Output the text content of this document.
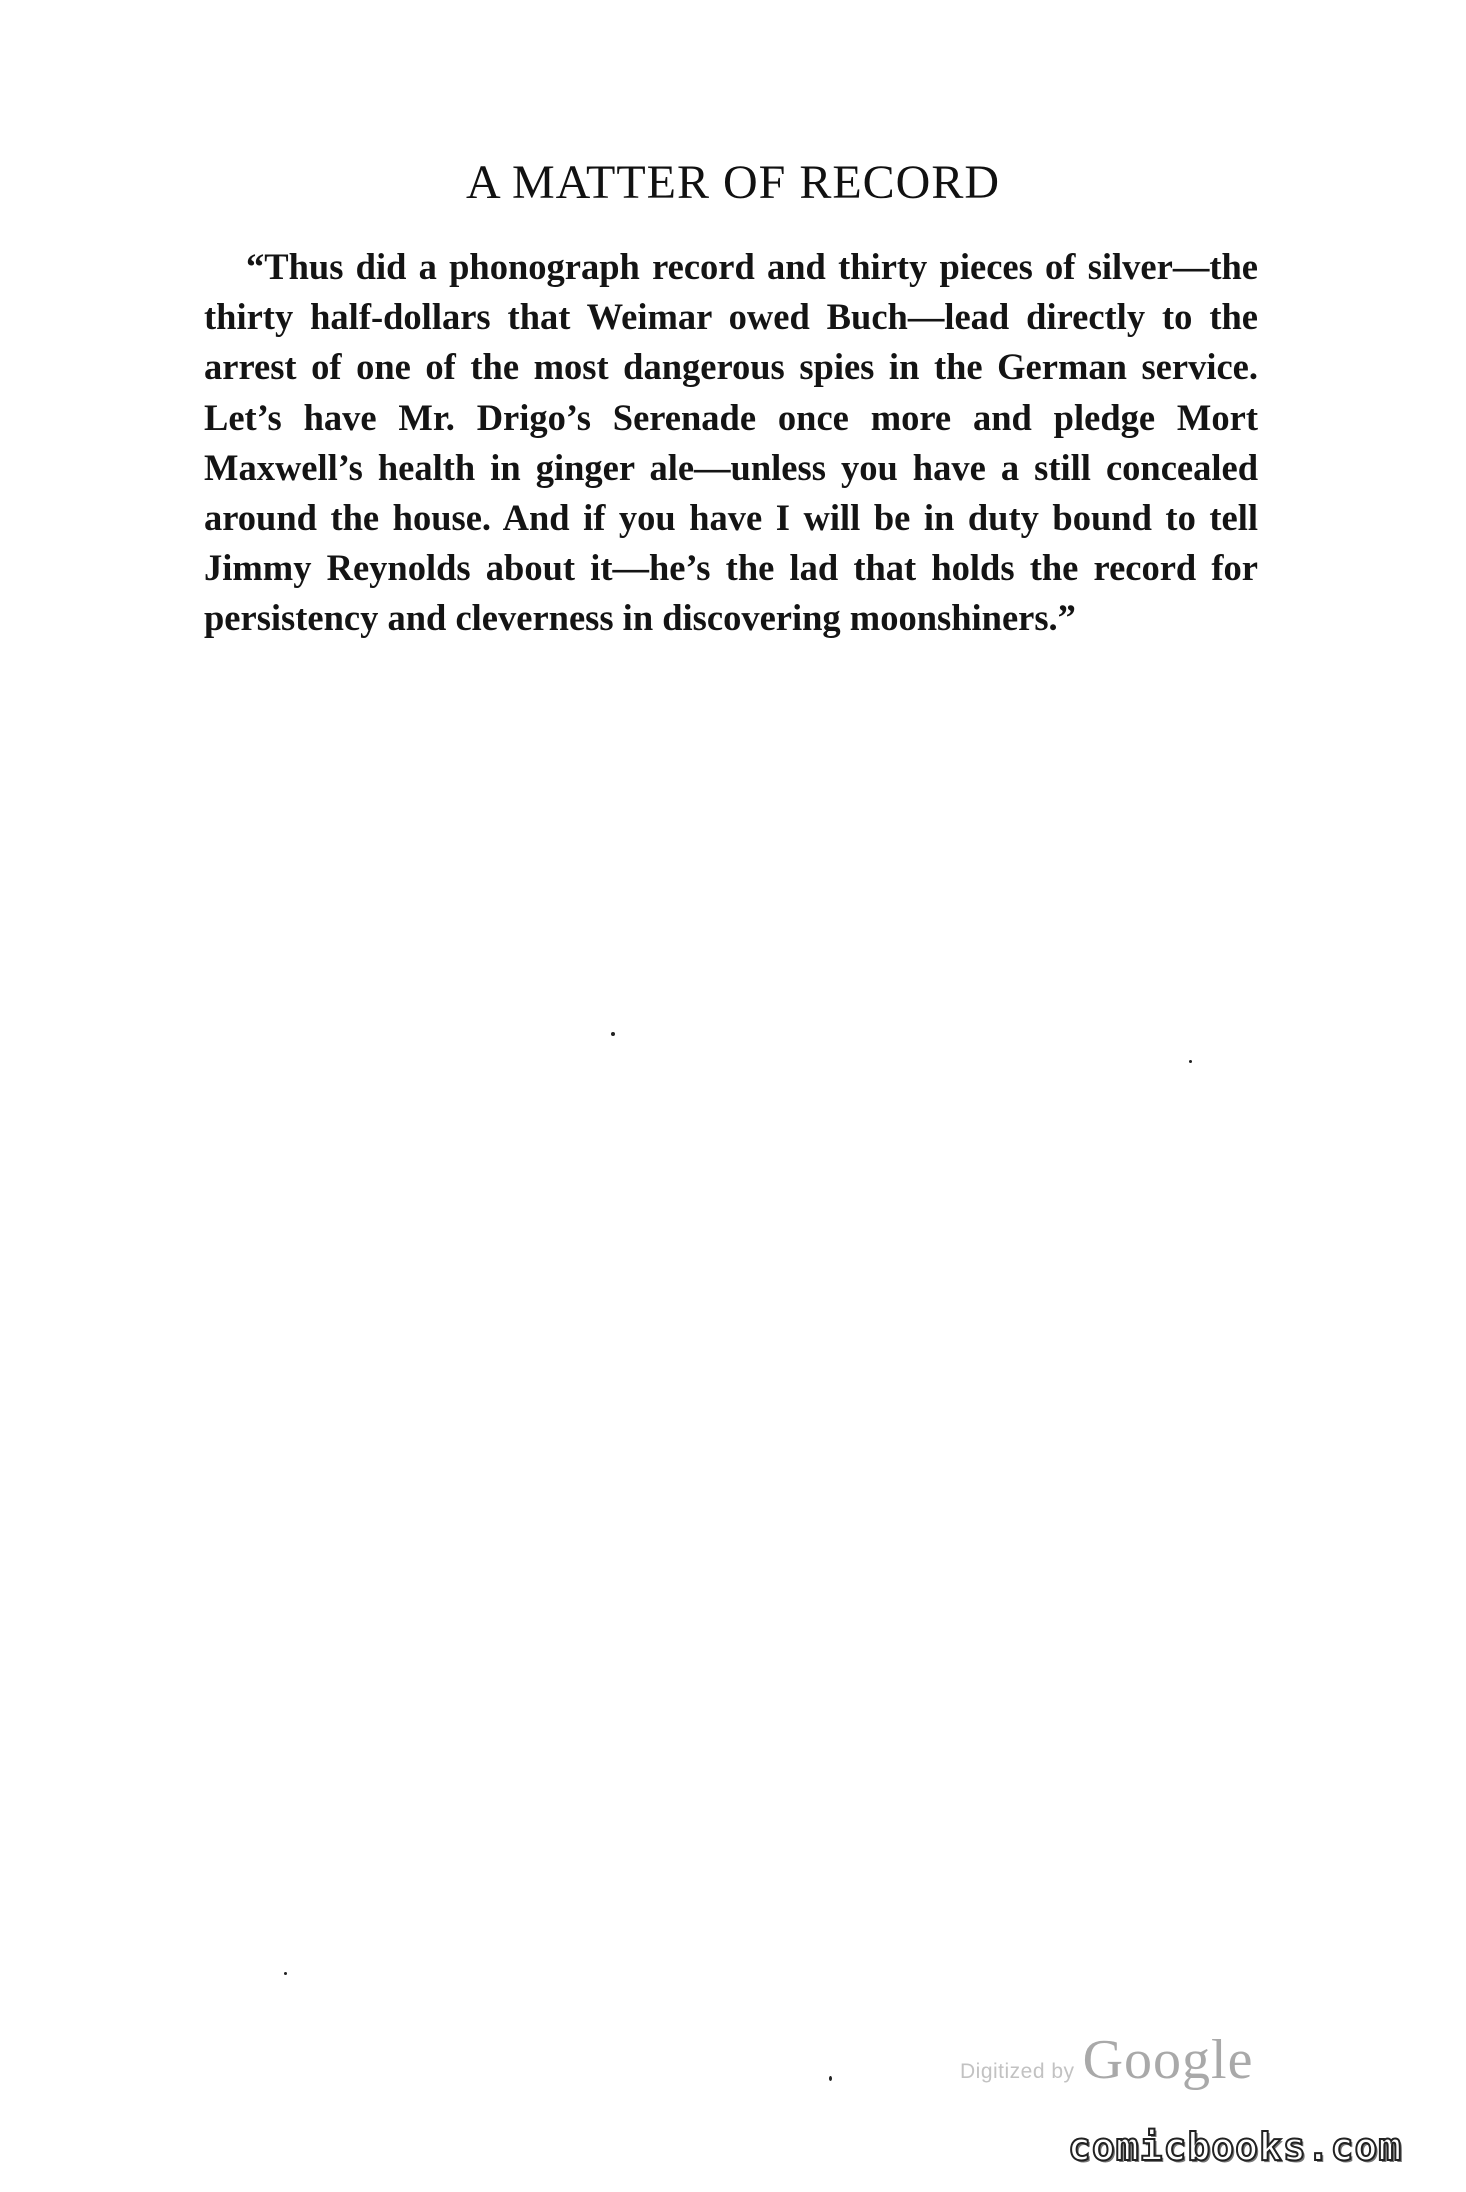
A MATTER OF RECORD

“Thus did a phonograph record and thirty pieces of silver—the thirty half-dollars that Weimar owed Buch—lead directly to the arrest of one of the most dangerous spies in the German service. Let’s have Mr. Drigo’s Serenade once more and pledge Mort Maxwell’s health in ginger ale—unless you have a still concealed around the house. And if you have I will be in duty bound to tell Jimmy Reynolds about it—he’s the lad that holds the record for persistency and cleverness in discovering moonshiners.”

Digitized by Google
comicbooks.com
